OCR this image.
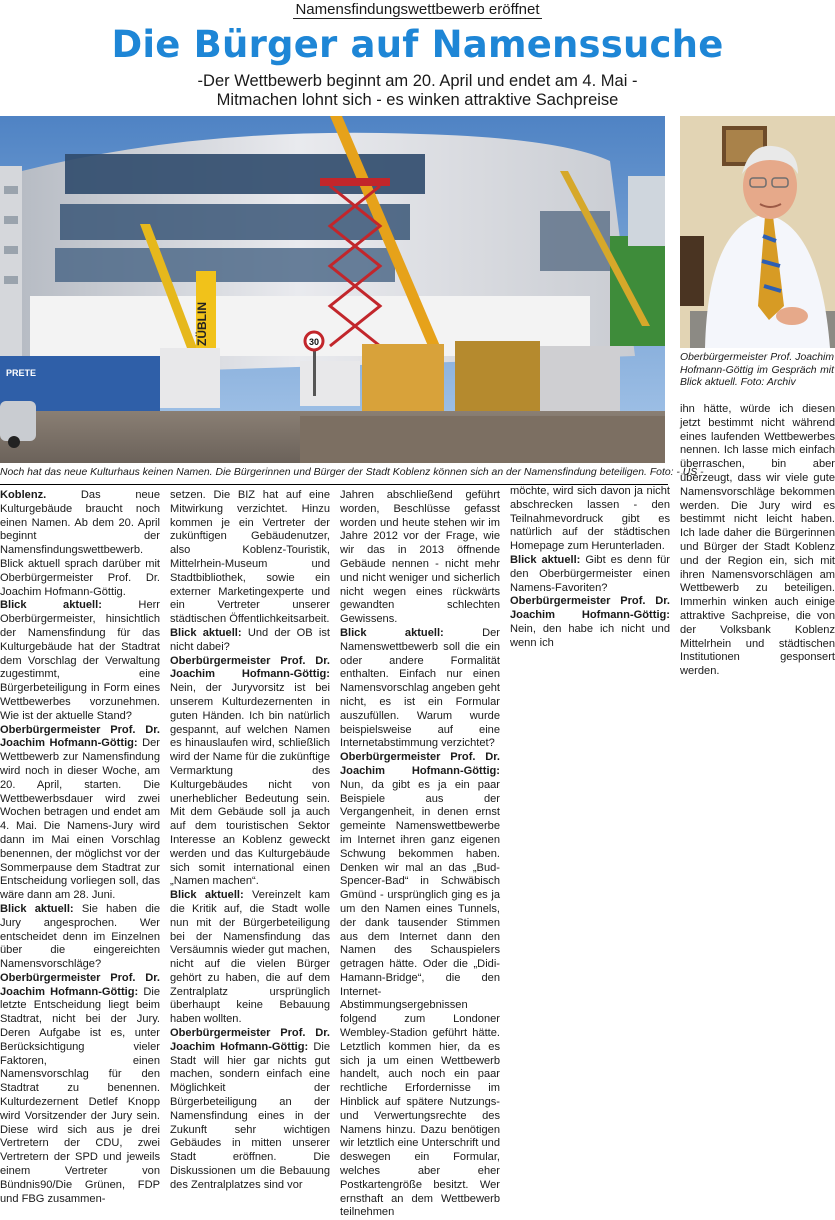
Namensfindungswettbewerb eröffnet
Die Bürger auf Namenssuche
-Der Wettbewerb beginnt am 20. April und endet am 4. Mai -
Mitmachen lohnt sich - es winken attraktive Sachpreise
ZÜBLIN
PRETE
30
Noch hat das neue Kulturhaus keinen Namen. Die Bürgerinnen und Bürger der Stadt Koblenz können sich an der Namensfindung beteiligen. Foto: - US -
Oberbürgermeister Prof. Joachim Hofmann-Göttig im Gespräch mit Blick aktuell. Foto: Archiv

Koblenz. Das neue Kulturgebäude braucht noch einen Namen. Ab dem 20. April beginnt der Namensfindungswettbewerb. Blick aktuell sprach darüber mit Oberbürgermeister Prof. Dr. Joachim Hofmann-Göttig.

Blick aktuell: Herr Oberbürgermeister, hinsichtlich der Namensfindung für das Kulturgebäude hat der Stadtrat dem Vorschlag der Verwaltung zugestimmt, eine Bürgerbeteiligung in Form eines Wettbewerbes vorzunehmen. Wie ist der aktuelle Stand?

Oberbürgermeister Prof. Dr. Joachim Hofmann-Göttig: Der Wettbewerb zur Namensfindung wird noch in dieser Woche, am 20. April, starten. Die Wettbewerbsdauer wird zwei Wochen betragen und endet am 4. Mai. Die Namens-Jury wird dann im Mai einen Vorschlag benennen, der möglichst vor der Sommerpause dem Stadtrat zur Entscheidung vorliegen soll, das wäre dann am 28. Juni.

Blick aktuell: Sie haben die Jury angesprochen. Wer entscheidet denn im Einzelnen über die eingereichten Namensvorschläge?

Oberbürgermeister Prof. Dr. Joachim Hofmann-Göttig: Die letzte Entscheidung liegt beim Stadtrat, nicht bei der Jury. Deren Aufgabe ist es, unter Berücksichtigung vieler Faktoren, einen Namensvorschlag für den Stadtrat zu benennen. Kulturdezernent Detlef Knopp wird Vorsitzender der Jury sein. Diese wird sich aus je drei Vertretern der CDU, zwei Vertretern der SPD und jeweils einem Vertreter von Bündnis90/Die Grünen, FDP und FBG zusammen-

setzen. Die BIZ hat auf eine Mitwirkung verzichtet. Hinzu kommen je ein Vertreter der zukünftigen Gebäudenutzer, also Koblenz-Touristik, Mittelrhein-Museum und Stadtbibliothek, sowie ein externer Marketingexperte und ein Vertreter unserer städtischen Öffentlichkeitsarbeit.

Blick aktuell: Und der OB ist nicht dabei?

Oberbürgermeister Prof. Dr. Joachim Hofmann-Göttig: Nein, der Juryvorsitz ist bei unserem Kulturdezernenten in guten Händen. Ich bin natürlich gespannt, auf welchen Namen es hinauslaufen wird, schließlich wird der Name für die zukünftige Vermarktung des Kulturgebäudes nicht von unerheblicher Bedeutung sein. Mit dem Gebäude soll ja auch auf dem touristischen Sektor Interesse an Koblenz geweckt werden und das Kulturgebäude sich somit international einen „Namen machen“.

Blick aktuell: Vereinzelt kam die Kritik auf, die Stadt wolle nun mit der Bürgerbeteiligung bei der Namensfindung das Versäumnis wieder gut machen, nicht auf die vielen Bürger gehört zu haben, die auf dem Zentralplatz ursprünglich überhaupt keine Bebauung haben wollten.

Oberbürgermeister Prof. Dr. Joachim Hofmann-Göttig: Die Stadt will hier gar nichts gut machen, sondern einfach eine Möglichkeit der Bürgerbeteiligung an der Namensfindung eines in der Zukunft sehr wichtigen Gebäudes in mitten unserer Stadt eröffnen. Die Diskussionen um die Bebauung des Zentralplatzes sind vor

Jahren abschließend geführt worden, Beschlüsse gefasst worden und heute stehen wir im Jahre 2012 vor der Frage, wie wir das in 2013 öffnende Gebäude nennen - nicht mehr und nicht weniger und sicherlich nicht wegen eines rückwärts gewandten schlechten Gewissens.

Blick aktuell: Der Namenswettbewerb soll die ein oder andere Formalität enthalten. Einfach nur einen Namensvorschlag angeben geht nicht, es ist ein Formular auszufüllen. Warum wurde beispielsweise auf eine Internetabstimmung verzichtet?

Oberbürgermeister Prof. Dr. Joachim Hofmann-Göttig: Nun, da gibt es ja ein paar Beispiele aus der Vergangenheit, in denen ernst gemeinte Namenswettbewerbe im Internet ihren ganz eigenen Schwung bekommen haben. Denken wir mal an das „Bud-Spencer-Bad“ in Schwäbisch Gmünd - ursprünglich ging es ja um den Namen eines Tunnels, der dank tausender Stimmen aus dem Internet dann den Namen des Schauspielers getragen hätte. Oder die „Didi-Hamann-Bridge“, die den Internet-Abstimmungsergebnissen folgend zum Londoner Wembley-Stadion geführt hätte. Letztlich kommen hier, da es sich ja um einen Wettbewerb handelt, auch noch ein paar rechtliche Erfordernisse im Hinblick auf spätere Nutzungs- und Verwertungsrechte des Namens hinzu. Dazu benötigen wir letztlich eine Unterschrift und deswegen ein Formular, welches aber eher Postkartengröße besitzt. Wer ernsthaft an dem Wettbewerb teilnehmen

möchte, wird sich davon ja nicht abschrecken lassen - den Teilnahmevordruck gibt es natürlich auf der städtischen Homepage zum Herunterladen.

Blick aktuell: Gibt es denn für den Oberbürgermeister einen Namens-Favoriten?

Oberbürgermeister Prof. Dr. Joachim Hofmann-Göttig: Nein, den habe ich nicht und wenn ich

ihn hätte, würde ich diesen jetzt bestimmt nicht während eines laufenden Wettbewerbes nennen. Ich lasse mich einfach überraschen, bin aber überzeugt, dass wir viele gute Namensvorschläge bekommen werden. Die Jury wird es bestimmt nicht leicht haben. Ich lade daher die Bürgerinnen und Bürger der Stadt Koblenz und der Region ein, sich mit ihren Namensvorschlägen am Wettbewerb zu beteiligen. Immerhin winken auch einige attraktive Sachpreise, die von der Volksbank Koblenz Mittelrhein und städtischen Institutionen gesponsert werden.
